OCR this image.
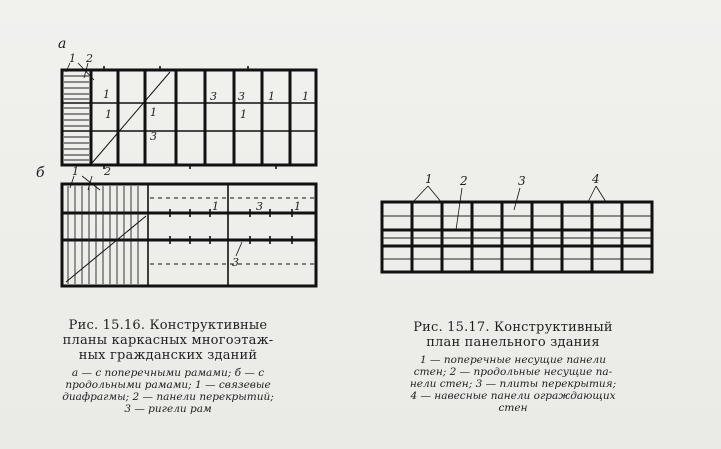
а
1 2
1
1	1
3
3 3 1
1
1
б 1 2
1	3	1
3
1 2	3	4
Рис. 15.16. Конструктивные
планы каркасных многоэтаж-
ных гражданских зданий
а — с поперечными рамами; б — с
продольными рамами; 1 — связевые
диафрагмы; 2 — панели перекрытий;
3 — ригели рам
Рис. 15.17. Конструктивный
план панельного здания
1 — поперечные несущие панели
стен; 2 — продольные несущие па-
нели стен; 3 — плиты перекрытия;
4 — навесные панели ограждающих
стен
